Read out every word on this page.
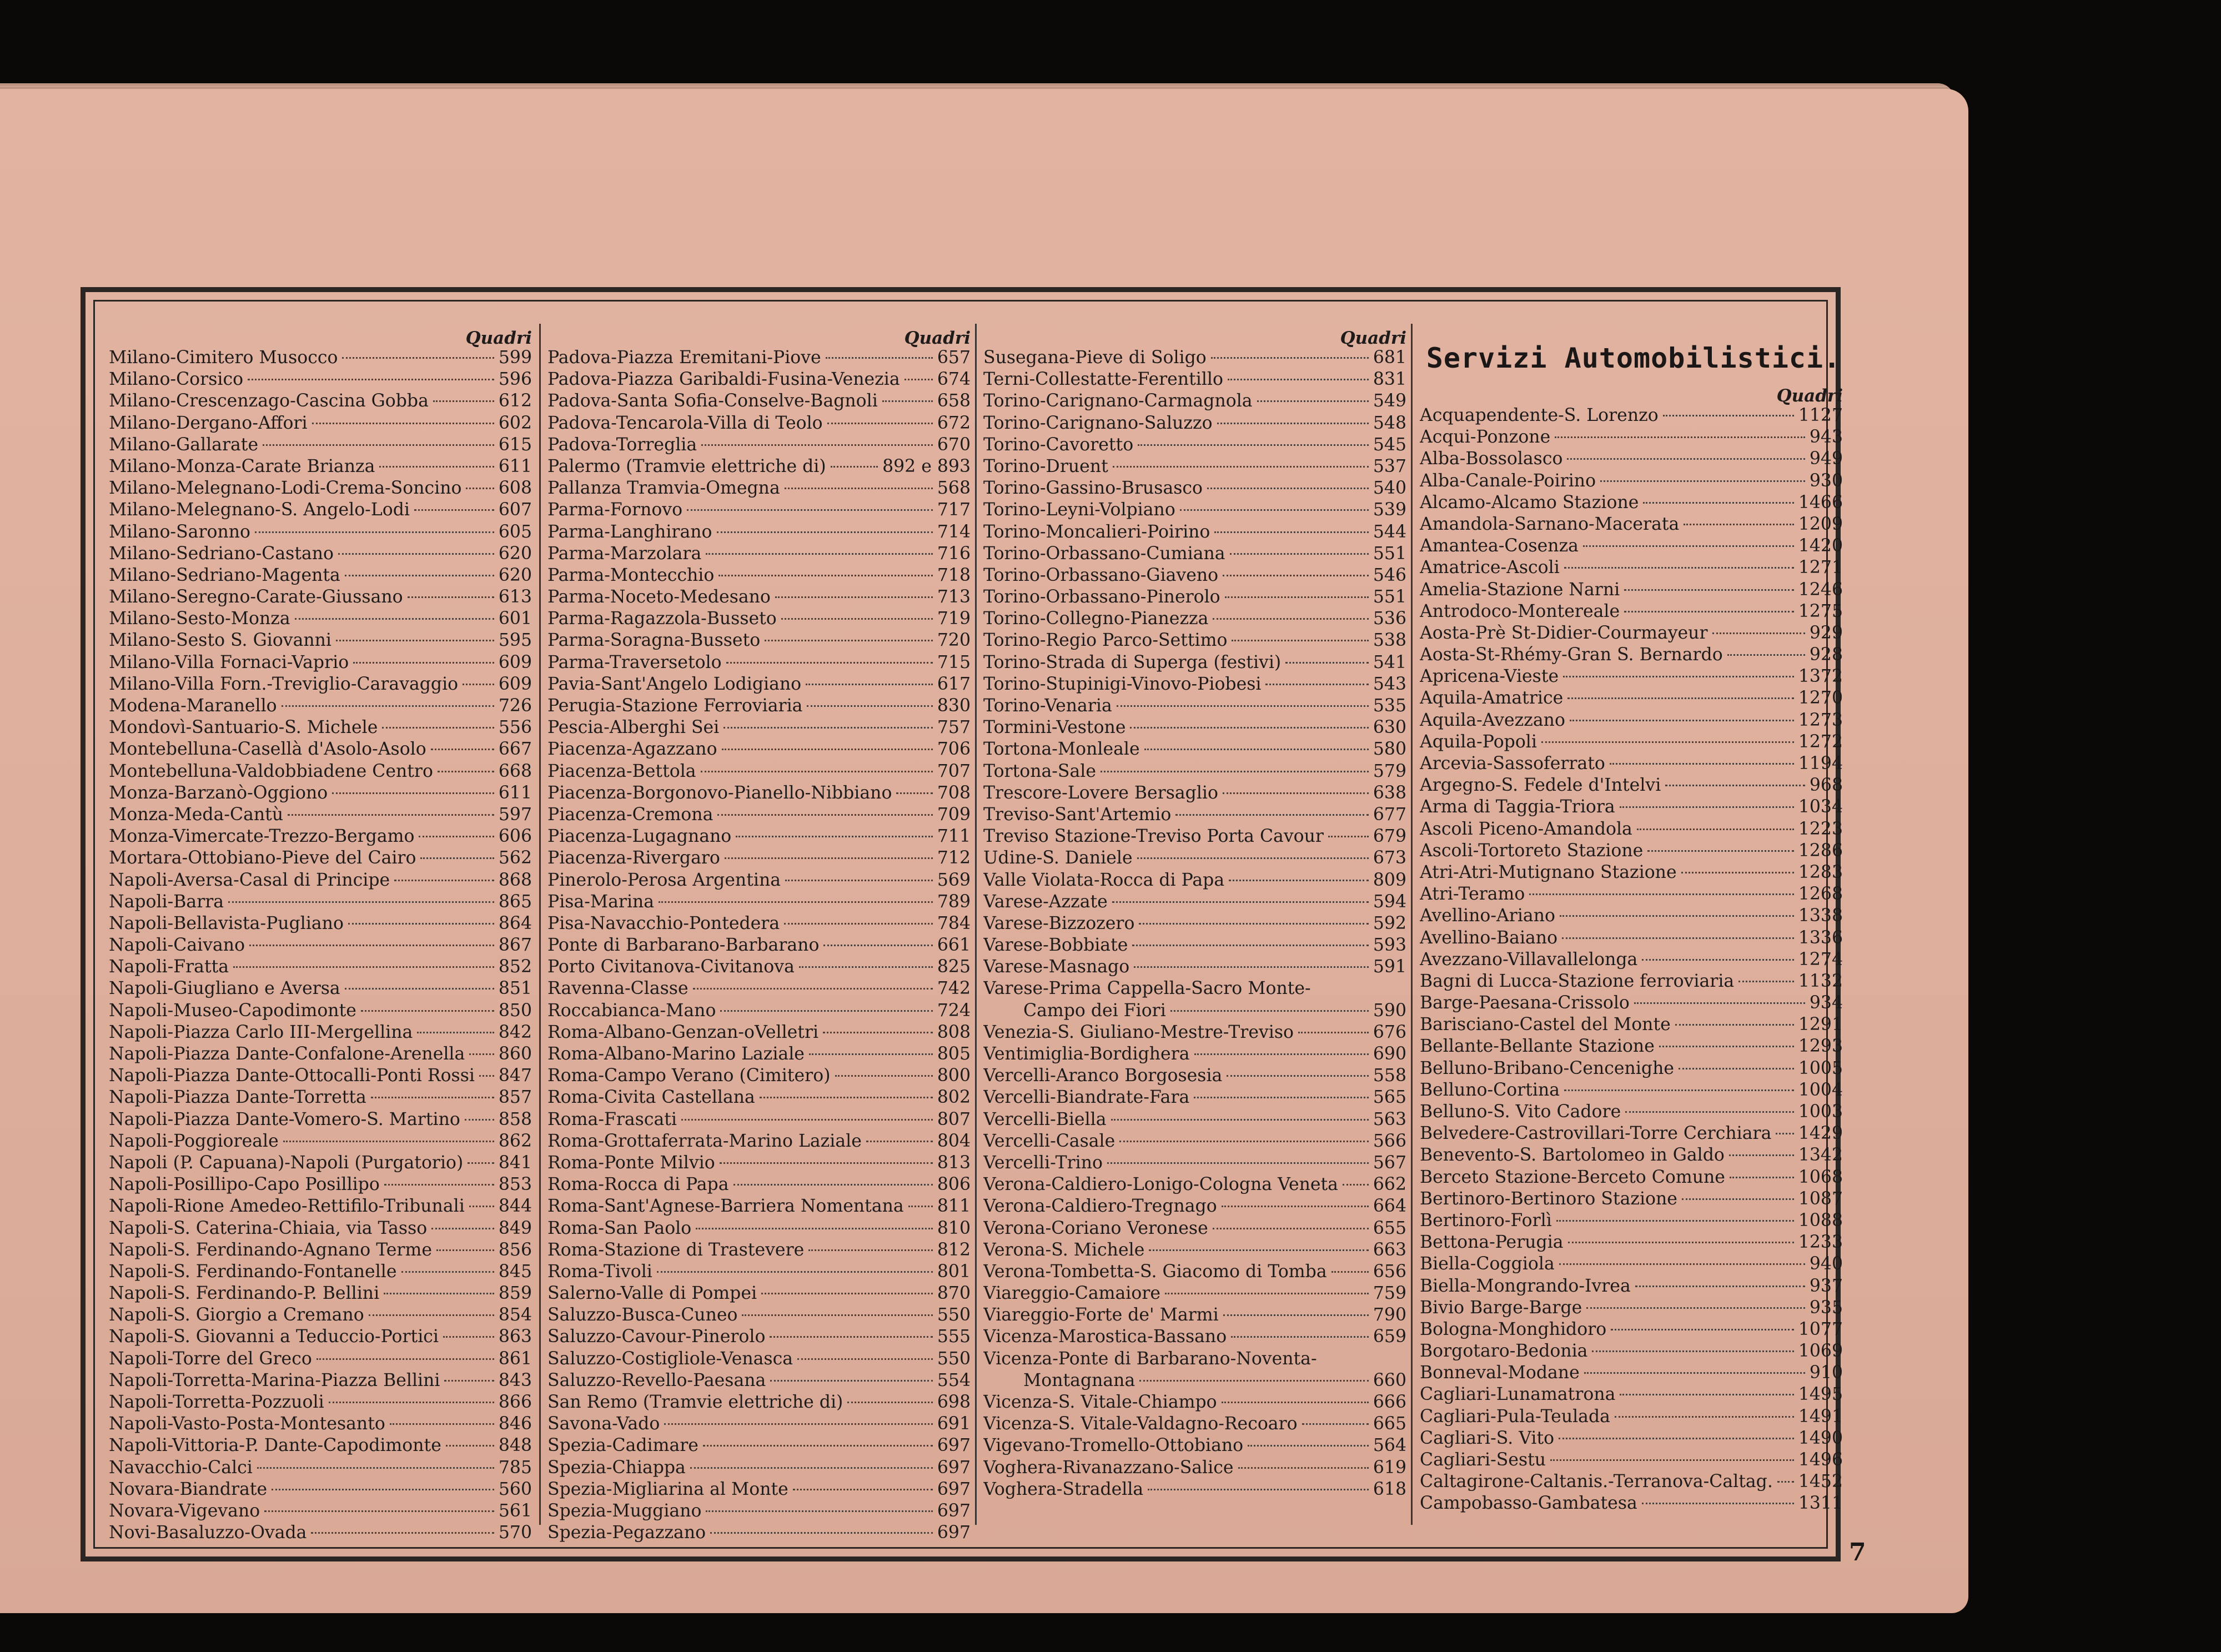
Quadri
Milano-Cimitero Musocco	599
Milano-Corsico	596
Milano-Crescenzago-Cascina Gobba	612
Milano-Dergano-Affori	602
Milano-Gallarate	615
Milano-Monza-Carate Brianza	611
Milano-Melegnano-Lodi-Crema-Soncino 608
Milano-Melegnano-S. Angelo-Lodi	607
Milano-Saronno	605
Milano-Sedriano-Castano	620
Milano-Sedriano-Magenta	620
Milano-Seregno-Carate-Giussano	613
Milano-Sesto-Monza	601
Milano-Sesto S. Giovanni	595
Milano-Villa Fornaci-Vaprio	609
Milano-Villa Forn.-Treviglio-Caravaggio 609
Modena-Maranello	726
Mondovì-Santuario-S. Michele	556
Montebelluna-Casellà d'Asolo-Asolo	667
Montebelluna-Valdobbiadene Centro	668
Monza-Barzanò-Oggiono	611
Monza-Meda-Cantù	597
Monza-Vimercate-Trezzo-Bergamo	606
Mortara-Ottobiano-Pieve del Cairo	562
Napoli-Aversa-Casal di Principe	868
Napoli-Barra	865
Napoli-Bellavista-Pugliano	864
Napoli-Caivano	867
Napoli-Fratta	852
Napoli-Giugliano e Aversa	851
Napoli-Museo-Capodimonte	850
Napoli-Piazza Carlo III-Mergellina	842
Napoli-Piazza Dante-Confalone-Arenella 860
Napoli-Piazza Dante-Ottocalli-Ponti Rossi 847
Napoli-Piazza Dante-Torretta	857
Napoli-Piazza Dante-Vomero-S. Martino 858
Napoli-Poggioreale	862
Napoli (P. Capuana)-Napoli (Purgatorio) 841
Napoli-Posillipo-Capo Posillipo	853
Napoli-Rione Amedeo-Rettifilo-Tribunali 844
Napoli-S. Caterina-Chiaia, via Tasso	849
Napoli-S. Ferdinando-Agnano Terme	856
Napoli-S. Ferdinando-Fontanelle	845
Napoli-S. Ferdinando-P. Bellini	859
Napoli-S. Giorgio a Cremano	854
Napoli-S. Giovanni a Teduccio-Portici	863
Napoli-Torre del Greco	861
Napoli-Torretta-Marina-Piazza Bellini	843
Napoli-Torretta-Pozzuoli	866
Napoli-Vasto-Posta-Montesanto	846
Napoli-Vittoria-P. Dante-Capodimonte	848
Navacchio-Calci	785
Novara-Biandrate	560
Novara-Vigevano	561
Novi-Basaluzzo-Ovada	570
Quadri
Padova-Piazza Eremitani-Piove	657
Padova-Piazza Garibaldi-Fusina-Venezia 674
Padova-Santa Sofia-Conselve-Bagnoli	658
Padova-Tencarola-Villa di Teolo	672
Padova-Torreglia	670
Palermo (Tramvie elettriche di)	892 e 893
Pallanza Tramvia-Omegna	568
Parma-Fornovo	717
Parma-Langhirano	714
Parma-Marzolara	716
Parma-Montecchio	718
Parma-Noceto-Medesano	713
Parma-Ragazzola-Busseto	719
Parma-Soragna-Busseto	720
Parma-Traversetolo	715
Pavia-Sant'Angelo Lodigiano	617
Perugia-Stazione Ferroviaria	830
Pescia-Alberghi Sei	757
Piacenza-Agazzano	706
Piacenza-Bettola	707
Piacenza-Borgonovo-Pianello-Nibbiano	708
Piacenza-Cremona	709
Piacenza-Lugagnano	711
Piacenza-Rivergaro	712
Pinerolo-Perosa Argentina	569
Pisa-Marina	789
Pisa-Navacchio-Pontedera	784
Ponte di Barbarano-Barbarano	661
Porto Civitanova-Civitanova	825
Ravenna-Classe	742
Roccabianca-Mano	724
Roma-Albano-Genzan-oVelletri	808
Roma-Albano-Marino Laziale	805
Roma-Campo Verano (Cimitero)	800
Roma-Civita Castellana	802
Roma-Frascati	807
Roma-Grottaferrata-Marino Laziale	804
Roma-Ponte Milvio	813
Roma-Rocca di Papa	806
Roma-Sant'Agnese-Barriera Nomentana 811
Roma-San Paolo	810
Roma-Stazione di Trastevere	812
Roma-Tivoli	801
Salerno-Valle di Pompei	870
Saluzzo-Busca-Cuneo	550
Saluzzo-Cavour-Pinerolo	555
Saluzzo-Costigliole-Venasca	550
Saluzzo-Revello-Paesana	554
San Remo (Tramvie elettriche di)	698
Savona-Vado	691
Spezia-Cadimare	697
Spezia-Chiappa	697
Spezia-Migliarina al Monte	697
Spezia-Muggiano	697
Spezia-Pegazzano	697
Quadri
Susegana-Pieve di Soligo	681
Terni-Collestatte-Ferentillo	831
Torino-Carignano-Carmagnola	549
Torino-Carignano-Saluzzo	548
Torino-Cavoretto	545
Torino-Druent	537
Torino-Gassino-Brusasco	540
Torino-Leyni-Volpiano	539
Torino-Moncalieri-Poirino	544
Torino-Orbassano-Cumiana	551
Torino-Orbassano-Giaveno	546
Torino-Orbassano-Pinerolo	551
Torino-Collegno-Pianezza	536
Torino-Regio Parco-Settimo	538
Torino-Strada di Superga (festivi)	541
Torino-Stupinigi-Vinovo-Piobesi	543
Torino-Venaria	535
Tormini-Vestone	630
Tortona-Monleale	580
Tortona-Sale	579
Trescore-Lovere Bersaglio	638
Treviso-Sant'Artemio	677
Treviso Stazione-Treviso Porta Cavour	679
Udine-S. Daniele	673
Valle Violata-Rocca di Papa	809
Varese-Azzate	594
Varese-Bizzozero	592
Varese-Bobbiate	593
Varese-Masnago	591
Varese-Prima Cappella-Sacro Monte-
Campo dei Fiori	590
Venezia-S. Giuliano-Mestre-Treviso	676
Ventimiglia-Bordighera	690
Vercelli-Aranco Borgosesia	558
Vercelli-Biandrate-Fara	565
Vercelli-Biella	563
Vercelli-Casale	566
Vercelli-Trino	567
Verona-Caldiero-Lonigo-Cologna Veneta 662
Verona-Caldiero-Tregnago	664
Verona-Coriano Veronese	655
Verona-S. Michele	663
Verona-Tombetta-S. Giacomo di Tomba	656
Viareggio-Camaiore	759
Viareggio-Forte de' Marmi	790
Vicenza-Marostica-Bassano	659
Vicenza-Ponte di Barbarano-Noventa-
Montagnana	660
Vicenza-S. Vitale-Chiampo	666
Vicenza-S. Vitale-Valdagno-Recoaro	665
Vigevano-Tromello-Ottobiano	564
Voghera-Rivanazzano-Salice	619
Voghera-Stradella	618
Servizi Automobilistici.
Quadri
Acquapendente-S. Lorenzo	1127
Acqui-Ponzone	943
Alba-Bossolasco	949
Alba-Canale-Poirino	930
Alcamo-Alcamo Stazione	1466
Amandola-Sarnano-Macerata	1209
Amantea-Cosenza	1420
Amatrice-Ascoli	1271
Amelia-Stazione Narni	1246
Antrodoco-Montereale	1275
Aosta-Prè St-Didier-Courmayeur	929
Aosta-St-Rhémy-Gran S. Bernardo	928
Apricena-Vieste	1372
Aquila-Amatrice	1270
Aquila-Avezzano	1273
Aquila-Popoli	1272
Arcevia-Sassoferrato	1194
Argegno-S. Fedele d'Intelvi	968
Arma di Taggia-Triora	1034
Ascoli Piceno-Amandola	1223
Ascoli-Tortoreto Stazione	1286
Atri-Atri-Mutignano Stazione	1283
Atri-Teramo	1268
Avellino-Ariano	1338
Avellino-Baiano	1336
Avezzano-Villavallelonga	1274
Bagni di Lucca-Stazione ferroviaria	1132
Barge-Paesana-Crissolo	934
Barisciano-Castel del Monte	1291
Bellante-Bellante Stazione	1293
Belluno-Bribano-Cencenighe	1005
Belluno-Cortina	1004
Belluno-S. Vito Cadore	1003
Belvedere-Castrovillari-Torre Cerchiara 1429
Benevento-S. Bartolomeo in Galdo	1342
Berceto Stazione-Berceto Comune	1068
Bertinoro-Bertinoro Stazione	1087
Bertinoro-Forlì	1088
Bettona-Perugia	1233
Biella-Coggiola	940
Biella-Mongrando-Ivrea	937
Bivio Barge-Barge	935
Bologna-Monghidoro	1077
Borgotaro-Bedonia	1069
Bonneval-Modane	910
Cagliari-Lunamatrona	1495
Cagliari-Pula-Teulada	1491
Cagliari-S. Vito	1490
Cagliari-Sestu	1496
Caltagirone-Caltanis.-Terranova-Caltag. 1452
Campobasso-Gambatesa	1311
7
